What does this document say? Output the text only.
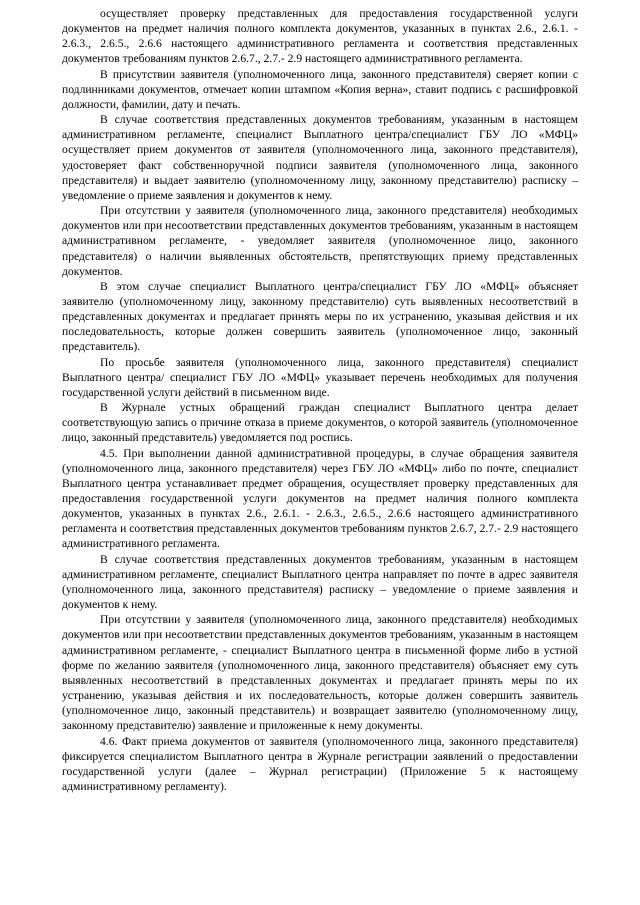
осуществляет проверку представленных для предоставления государственной услуги документов на предмет наличия полного комплекта документов, указанных в пунктах 2.6., 2.6.1. - 2.6.3., 2.6.5., 2.6.6 настоящего административного регламента и соответствия представленных документов требованиям пунктов 2.6.7., 2.7.- 2.9 настоящего административного регламента.

В присутствии заявителя (уполномоченного лица, законного представителя) сверяет копии с подлинниками документов, отмечает копии штампом «Копия верна», ставит подпись с расшифровкой должности, фамилии, дату и печать.

В случае соответствия представленных документов требованиям, указанным в настоящем административном регламенте, специалист Выплатного центра/специалист ГБУ ЛО «МФЦ» осуществляет прием документов от заявителя (уполномоченного лица, законного представителя), удостоверяет факт собственноручной подписи заявителя (уполномоченного лица, законного представителя) и выдает заявителю (уполномоченному лицу, законному представителю) расписку – уведомление о приеме заявления и документов к нему.

При отсутствии у заявителя (уполномоченного лица, законного представителя) необходимых документов или при несоответствии представленных документов требованиям, указанным в настоящем административном регламенте, - уведомляет заявителя (уполномоченное лицо, законного представителя) о наличии выявленных обстоятельств, препятствующих приему представленных документов.

В этом случае специалист Выплатного центра/специалист ГБУ ЛО «МФЦ» объясняет заявителю (уполномоченному лицу, законному представителю) суть выявленных несоответствий в представленных документах и предлагает принять меры по их устранению, указывая действия и их последовательность, которые должен совершить заявитель (уполномоченное лицо, законный представитель).

По просьбе заявителя (уполномоченного лица, законного представителя) специалист Выплатного центра/ специалист ГБУ ЛО «МФЦ» указывает перечень необходимых для получения государственной услуги действий в письменном виде.

В Журнале устных обращений граждан специалист Выплатного центра делает соответствующую запись о причине отказа в приеме документов, о которой заявитель (уполномоченное лицо, законный представитель) уведомляется под роспись.

4.5. При выполнении данной административной процедуры, в случае обращения заявителя (уполномоченного лица, законного представителя) через ГБУ ЛО «МФЦ» либо по почте, специалист Выплатного центра устанавливает предмет обращения, осуществляет проверку представленных для предоставления государственной услуги документов на предмет наличия полного комплекта документов, указанных в пунктах 2.6., 2.6.1. - 2.6.3., 2.6.5., 2.6.6 настоящего административного регламента и соответствия представленных документов требованиям пунктов 2.6.7, 2.7.- 2.9 настоящего административного регламента.

В случае соответствия представленных документов требованиям, указанным в настоящем административном регламенте, специалист Выплатного центра направляет по почте в адрес заявителя (уполномоченного лица, законного представителя) расписку – уведомление о приеме заявления и документов к нему.

При отсутствии у заявителя (уполномоченного лица, законного представителя) необходимых документов или при несоответствии представленных документов требованиям, указанным в настоящем административном регламенте, - специалист Выплатного центра в письменной форме либо в устной форме по желанию заявителя (уполномоченного лица, законного представителя) объясняет ему суть выявленных несоответствий в представленных документах и предлагает принять меры по их устранению, указывая действия и их последовательность, которые должен совершить заявитель (уполномоченное лицо, законный представитель) и возвращает заявителю (уполномоченному лицу, законному представителю) заявление и приложенные к нему документы.

4.6. Факт приема документов от заявителя (уполномоченного лица, законного представителя) фиксируется специалистом Выплатного центра в Журнале регистрации заявлений о предоставлении государственной услуги (далее – Журнал регистрации) (Приложение 5 к настоящему административному регламенту).
